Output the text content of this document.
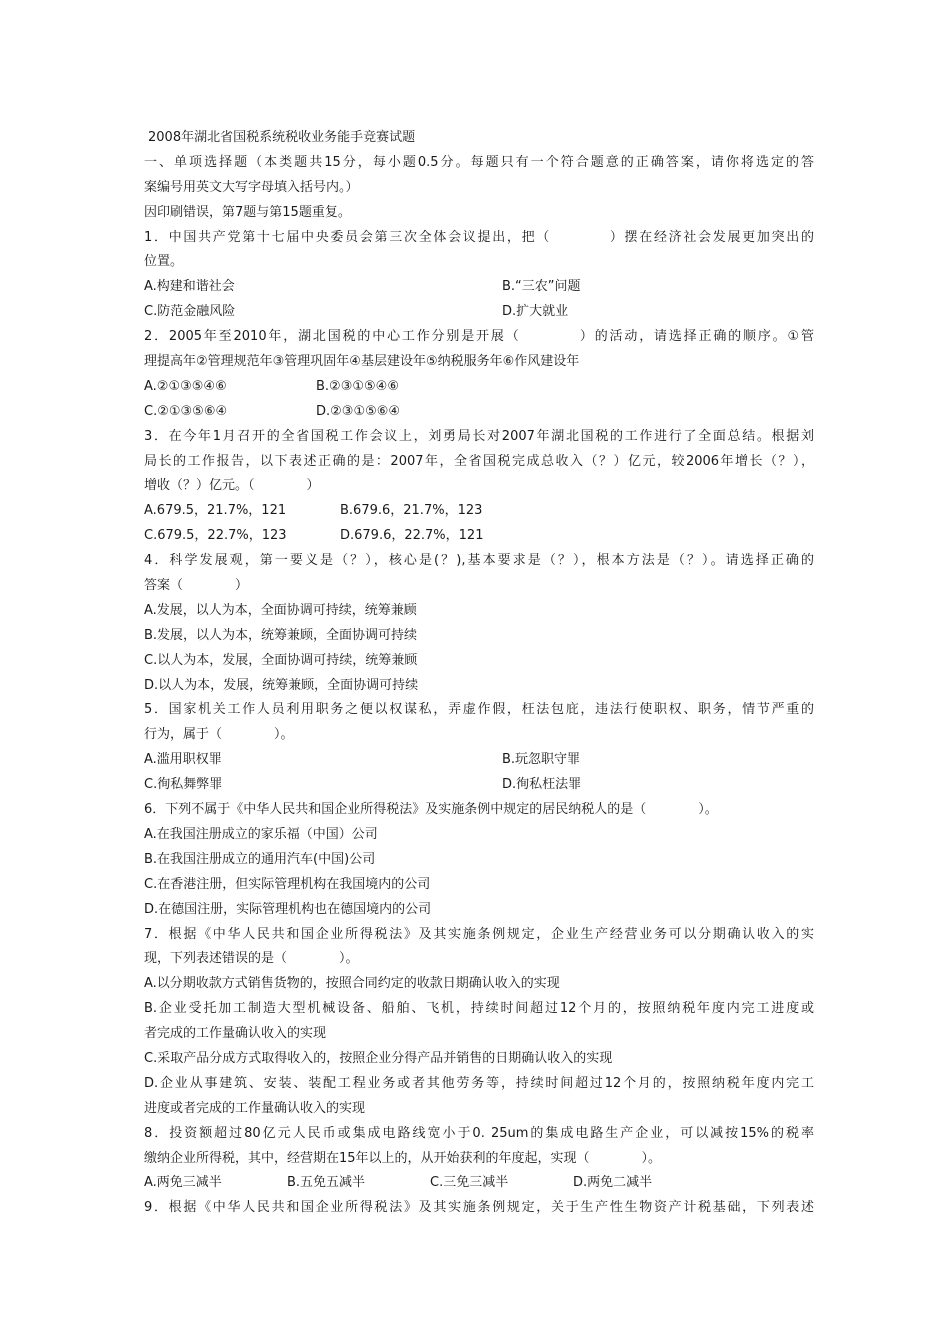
2008年湖北省国税系统税收业务能手竞赛试题
一、单项选择题（本类题共15分，每小题0.5分。每题只有一个符合题意的正确答案，请你将选定的答
案编号用英文大写字母填入括号内。）
因印刷错误，第7题与第15题重复。
1．中国共产党第十七届中央委员会第三次全体会议提出，把（　　　　）摆在经济社会发展更加突出的
位置。
A.构建和谐社会	B.“三农”问题
C.防范金融风险	D.扩大就业
2．2005年至2010年，湖北国税的中心工作分别是开展（　　　　）的活动，请选择正确的顺序。①管
理提高年②管理规范年③管理巩固年④基层建设年⑤纳税服务年⑥作风建设年
A.②①③⑤④⑥	B.②③①⑤④⑥
C.②①③⑤⑥④	D.②③①⑤⑥④
3．在今年1月召开的全省国税工作会议上，刘勇局长对2007年湖北国税的工作进行了全面总结。根据刘
局长的工作报告，以下表述正确的是：2007年，全省国税完成总收入（？）亿元，较2006年增长（？），
增收（？）亿元。（　　　　）
A.679.5，21.7%，121	B.679.6，21.7%，123
C.679.5，22.7%，123	D.679.6，22.7%，121
4．科学发展观，第一要义是（？），核心是(？),基本要求是（？），根本方法是（？）。请选择正确的
答案（　　　　）
A.发展，以人为本，全面协调可持续，统筹兼顾
B.发展，以人为本，统筹兼顾，全面协调可持续
C.以人为本，发展，全面协调可持续，统筹兼顾
D.以人为本，发展，统筹兼顾，全面协调可持续
5．国家机关工作人员利用职务之便以权谋私，弄虚作假，枉法包庇，违法行使职权、职务，情节严重的
行为，属于（　　　　）。
A.滥用职权罪	B.玩忽职守罪
C.徇私舞弊罪	D.徇私枉法罪
6．下列不属于《中华人民共和国企业所得税法》及实施条例中规定的居民纳税人的是（　　　　）。
A.在我国注册成立的家乐福（中国）公司
B.在我国注册成立的通用汽车(中国)公司
C.在香港注册，但实际管理机构在我国境内的公司
D.在德国注册，实际管理机构也在德国境内的公司
7．根据《中华人民共和国企业所得税法》及其实施条例规定，企业生产经营业务可以分期确认收入的实
现，下列表述错误的是（　　　　）。
A.以分期收款方式销售货物的，按照合同约定的收款日期确认收入的实现
B.企业受托加工制造大型机械设备、船舶、飞机，持续时间超过12个月的，按照纳税年度内完工进度或
者完成的工作量确认收入的实现
C.采取产品分成方式取得收入的，按照企业分得产品并销售的日期确认收入的实现
D.企业从事建筑、安装、装配工程业务或者其他劳务等，持续时间超过12个月的，按照纳税年度内完工
进度或者完成的工作量确认收入的实现
8．投资额超过80亿元人民币或集成电路线宽小于0. 25um的集成电路生产企业，可以减按15%的税率
缴纳企业所得税，其中，经营期在15年以上的，从开始获利的年度起，实现（　　　　）。
A.两免三减半	B.五免五减半	C.三免三减半	D.两免二减半
9．根据《中华人民共和国企业所得税法》及其实施条例规定，关于生产性生物资产计税基础，下列表述
